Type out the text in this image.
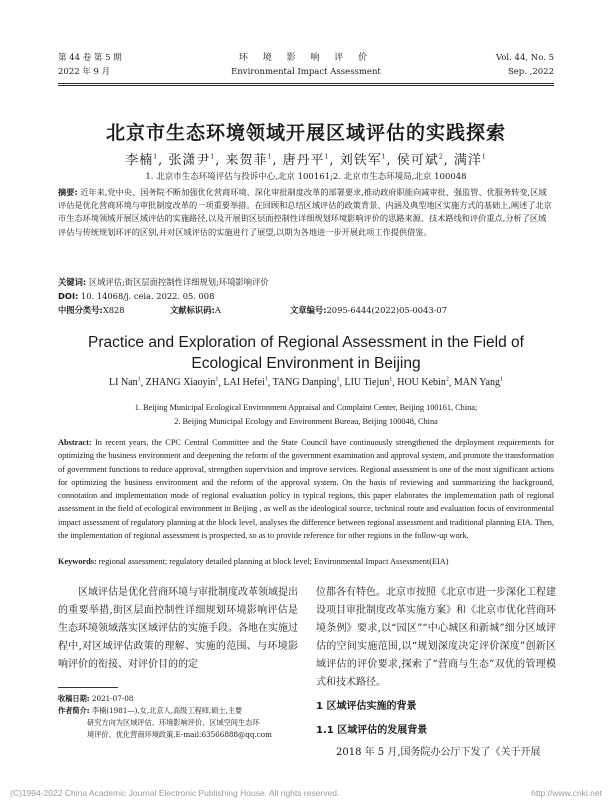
第 44 卷 第 5 期
2022 年 9 月
环 境 影 响 评 价
Environmental Impact Assessment
Vol. 44, No. 5
Sep. ,2022
北京市生态环境领域开展区域评估的实践探索
李楠$^1$, 张潇尹$^1$, 来贺菲$^1$, 唐丹平$^1$, 刘铁军$^1$, 侯可斌$^2$, 满洋$^1$
1. 北京市生态环境评估与投诉中心,北京 100161;2. 北京市生态环境局,北京 100048
摘要: 近年来,党中央、国务院不断加强优化营商环境、深化审批制度改革的部署要求,推动政府职能向减审批、强监管、优服务转变,区域评估是优化营商环境与审批制度改革的一项重要举措。在回顾和总结区域评估的政策背景、内涵及典型地区实施方式的基础上,阐述了北京市生态环境领域开展区域评估的实施路径,以及开展街区层面控制性详细规划环境影响评价的思路来源、技术路线和评价重点,分析了区域评估与传统规划环评的区别,并对区域评估的实施进行了展望,以期为各地进一步开展此项工作提供借鉴。
关键词: 区域评估;街区层面控制性详细规划;环境影响评价
DOI: 10. 14068/j. ceia. 2022. 05. 008
中图分类号:X828	文献标识码:A	文章编号:2095-6444(2022)05-0043-07
Practice and Exploration of Regional Assessment in the Field of Ecological Environment in Beijing
LI Nan$^1$, ZHANG Xiaoyin$^1$, LAI Hefei$^1$, TANG Danping$^1$, LIU Tiejun$^1$, HOU Kebin$^2$, MAN Yang$^1$
1. Beijing Municipal Ecological Environment Appraisal and Complaint Center, Beijing 100161, China;
2. Beijing Municipal Ecology and Environment Bureau, Beijing 100048, China
Abstract: In recent years, the CPC Central Committee and the State Council have continuously strengthened the deployment requirements for optimizing the business environment and deepening the reform of the government examination and approval system, and promote the transformation of government functions to reduce approval, strengthen supervision and improve services. Regional assessment is one of the most significant actions for optimizing the business environment and the reform of the approval system. On the basis of reviewing and summarizing the background, connotation and implementation mode of regional evaluation policy in typical regions, this paper elaborates the implementation path of regional assessment in the field of ecological environment in Beijing , as well as the ideological source, technical route and evaluation focus of environmental impact assessment of regulatory planning at the block level, analyses the difference between regional assessment and traditional planning EIA. Then, the implementation of regional assessment is prospected, so as to provide reference for other regions in the follow-up work.
Keywords: regional assessment; regulatory detailed planning at block level; Environmental Impact Assessment(EIA)
区域评估是优化营商环境与审批制度改革领域提出的重要举措,街区层面控制性详细规划环境影响评估是生态环境领域落实区域评估的实施手段。各地在实施过程中,对区域评估政策的理解、实施的范围、与环境影响评价的衔接、对评价目的的定
位都各有特色。北京市按照《北京市进一步深化工程建设项目审批制度改革实施方案》和《北京市优化营商环境条例》要求,以“园区”“中心城区和新城”细分区域评估的空间实施范围,以“规划深度决定评价深度”创新区域评估的评价要求,探索了“营商与生态”双优的管理模式和技术路径。
1 区域评估实施的背景
1.1 区域评估的发展背景
2018 年 5 月,国务院办公厅下发了《关于开展
收稿日期: 2021-07-08
作者简介: 李楠(1981—),女,北京人,高级工程师,硕士,主要
研究方向为区域评估、环境影响评价、区域空间生态环
境评价、优化营商环境政策,E-mail:63566888@qq.com
(C)1994-2022 China Academic Journal Electronic Publishing House. All rights reserved.	http://www.cnki.net
